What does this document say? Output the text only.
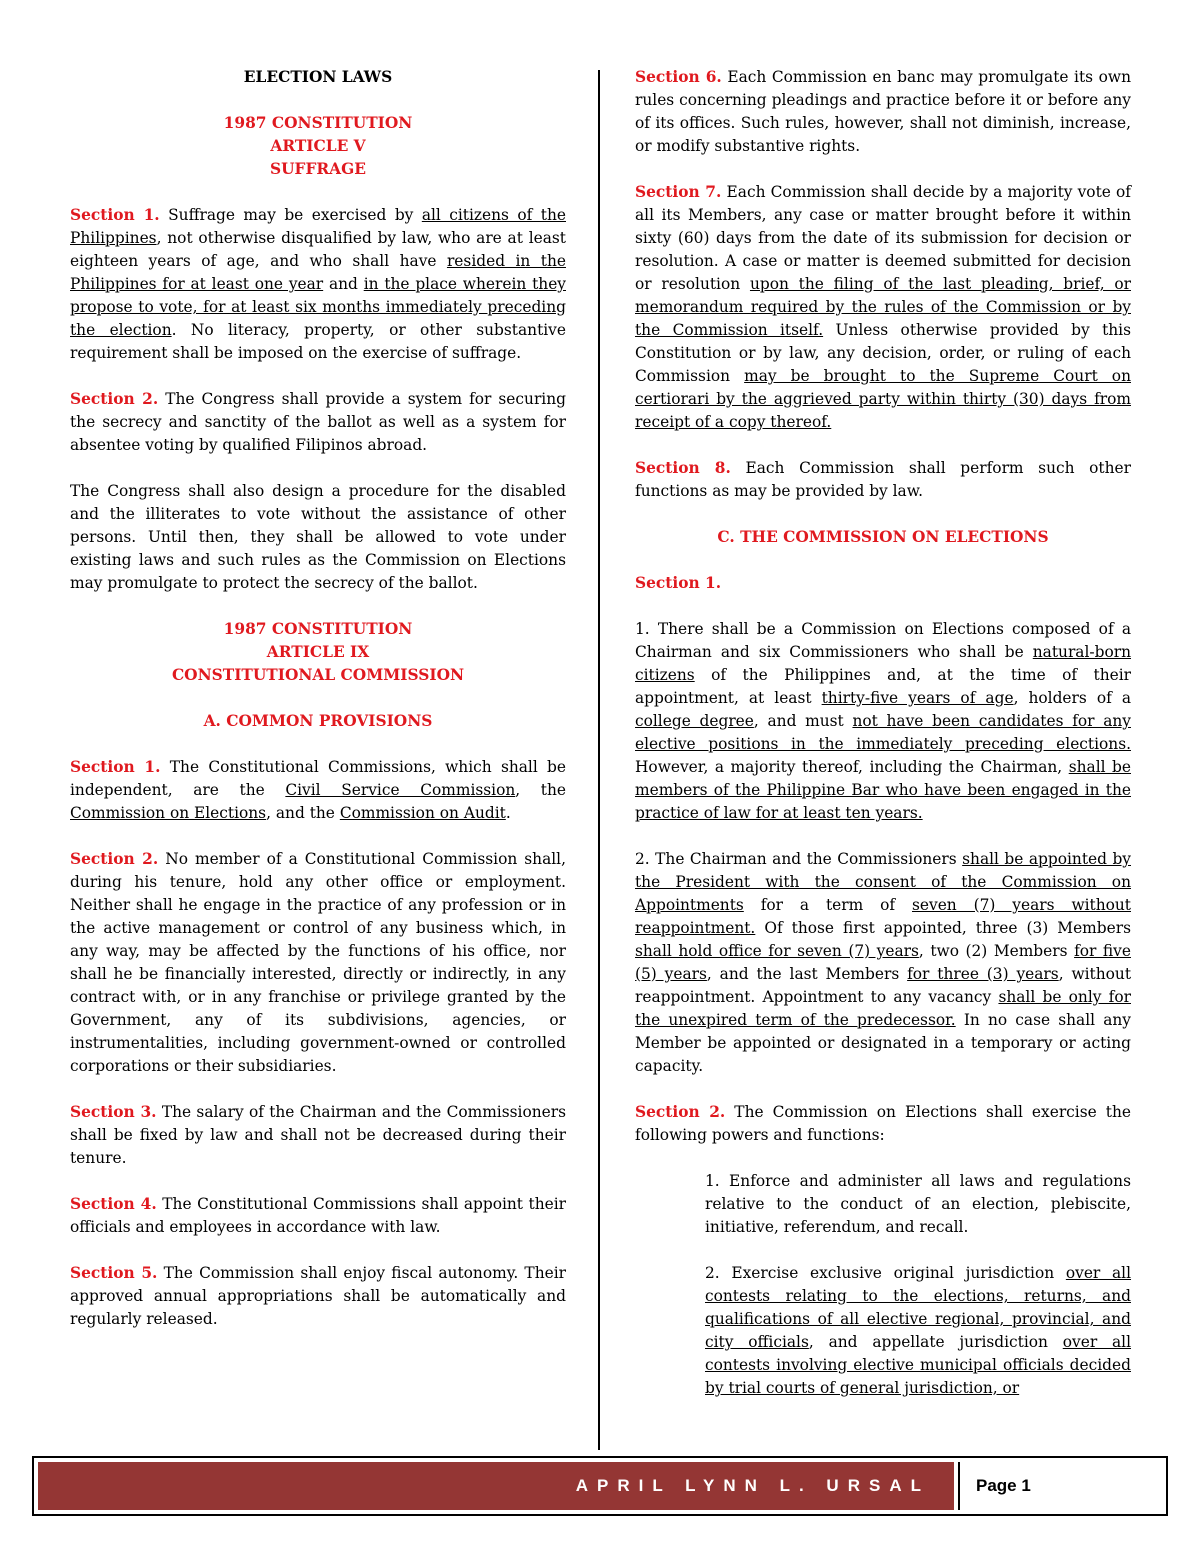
ELECTION LAWS
1987 CONSTITUTION
ARTICLE V
SUFFRAGE

Section 1. Suffrage may be exercised by all citizens of the Philippines, not otherwise disqualified by law, who are at least eighteen years of age, and who shall have resided in the Philippines for at least one year and in the place wherein they propose to vote, for at least six months immediately preceding the election. No literacy, property, or other substantive requirement shall be imposed on the exercise of suffrage.

Section 2. The Congress shall provide a system for securing the secrecy and sanctity of the ballot as well as a system for absentee voting by qualified Filipinos abroad.

The Congress shall also design a procedure for the disabled and the illiterates to vote without the assistance of other persons. Until then, they shall be allowed to vote under existing laws and such rules as the Commission on Elections may promulgate to protect the secrecy of the ballot.

1987 CONSTITUTION
ARTICLE IX
CONSTITUTIONAL COMMISSION
A. COMMON PROVISIONS

Section 1. The Constitutional Commissions, which shall be independent, are the Civil Service Commission, the Commission on Elections, and the Commission on Audit.

Section 2. No member of a Constitutional Commission shall, during his tenure, hold any other office or employment. Neither shall he engage in the practice of any profession or in the active management or control of any business which, in any way, may be affected by the functions of his office, nor shall he be financially interested, directly or indirectly, in any contract with, or in any franchise or privilege granted by the Government, any of its subdivisions, agencies, or instrumentalities, including government-owned or controlled corporations or their subsidiaries.

Section 3. The salary of the Chairman and the Commissioners shall be fixed by law and shall not be decreased during their tenure.

Section 4. The Constitutional Commissions shall appoint their officials and employees in accordance with law.

Section 5. The Commission shall enjoy fiscal autonomy. Their approved annual appropriations shall be automatically and regularly released.

Section 6. Each Commission en banc may promulgate its own rules concerning pleadings and practice before it or before any of its offices. Such rules, however, shall not diminish, increase, or modify substantive rights.

Section 7. Each Commission shall decide by a majority vote of all its Members, any case or matter brought before it within sixty (60) days from the date of its submission for decision or resolution. A case or matter is deemed submitted for decision or resolution upon the filing of the last pleading, brief, or memorandum required by the rules of the Commission or by the Commission itself. Unless otherwise provided by this Constitution or by law, any decision, order, or ruling of each Commission may be brought to the Supreme Court on certiorari by the aggrieved party within thirty (30) days from receipt of a copy thereof.

Section 8. Each Commission shall perform such other functions as may be provided by law.

C. THE COMMISSION ON ELECTIONS
Section 1.

1. There shall be a Commission on Elections composed of a Chairman and six Commissioners who shall be natural-born citizens of the Philippines and, at the time of their appointment, at least thirty-five years of age, holders of a college degree, and must not have been candidates for any elective positions in the immediately preceding elections. However, a majority thereof, including the Chairman, shall be members of the Philippine Bar who have been engaged in the practice of law for at least ten years.

2. The Chairman and the Commissioners shall be appointed by the President with the consent of the Commission on Appointments for a term of seven (7) years without reappointment. Of those first appointed, three (3) Members shall hold office for seven (7) years, two (2) Members for five (5) years, and the last Members for three (3) years, without reappointment. Appointment to any vacancy shall be only for the unexpired term of the predecessor. In no case shall any Member be appointed or designated in a temporary or acting capacity.

Section 2. The Commission on Elections shall exercise the following powers and functions:

1. Enforce and administer all laws and regulations relative to the conduct of an election, plebiscite, initiative, referendum, and recall.

2. Exercise exclusive original jurisdiction over all contests relating to the elections, returns, and qualifications of all elective regional, provincial, and city officials, and appellate jurisdiction over all contests involving elective municipal officials decided by trial courts of general jurisdiction, or

APRIL LYNN L. URSAL	Page 1
